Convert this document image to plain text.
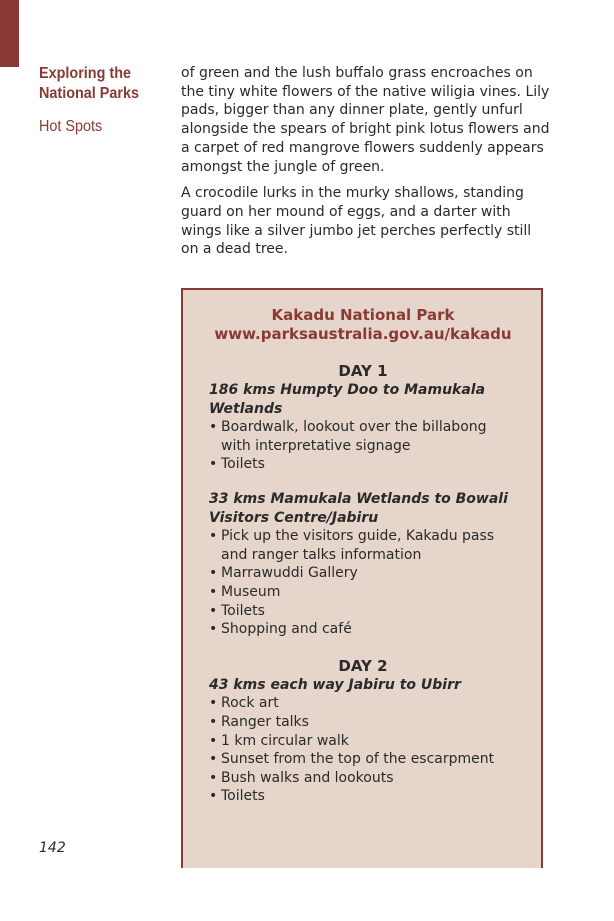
Exploring the National Parks
Hot Spots

of green and the lush buffalo grass encroaches on the tiny white flowers of the native wiligia vines. Lily pads, bigger than any dinner plate, gently unfurl alongside the spears of bright pink lotus flowers and a carpet of red mangrove flowers suddenly appears amongst the jungle of green.

A crocodile lurks in the murky shallows, standing guard on her mound of eggs, and a darter with wings like a silver jumbo jet perches perfectly still on a dead tree.

Kakadu National Park
www.parksaustralia.gov.au/kakadu
DAY 1
186 kms Humpty Doo to Mamukala Wetlands
• Boardwalk, lookout over the billabong with interpretative signage
• Toilets
33 kms Mamukala Wetlands to Bowali Visitors Centre/Jabiru
• Pick up the visitors guide, Kakadu pass and ranger talks information
• Marrawuddi Gallery
• Museum
• Toilets
• Shopping and café
DAY 2
43 kms each way Jabiru to Ubirr
• Rock art
• Ranger talks
• 1 km circular walk
• Sunset from the top of the escarpment
• Bush walks and lookouts
• Toilets
142
